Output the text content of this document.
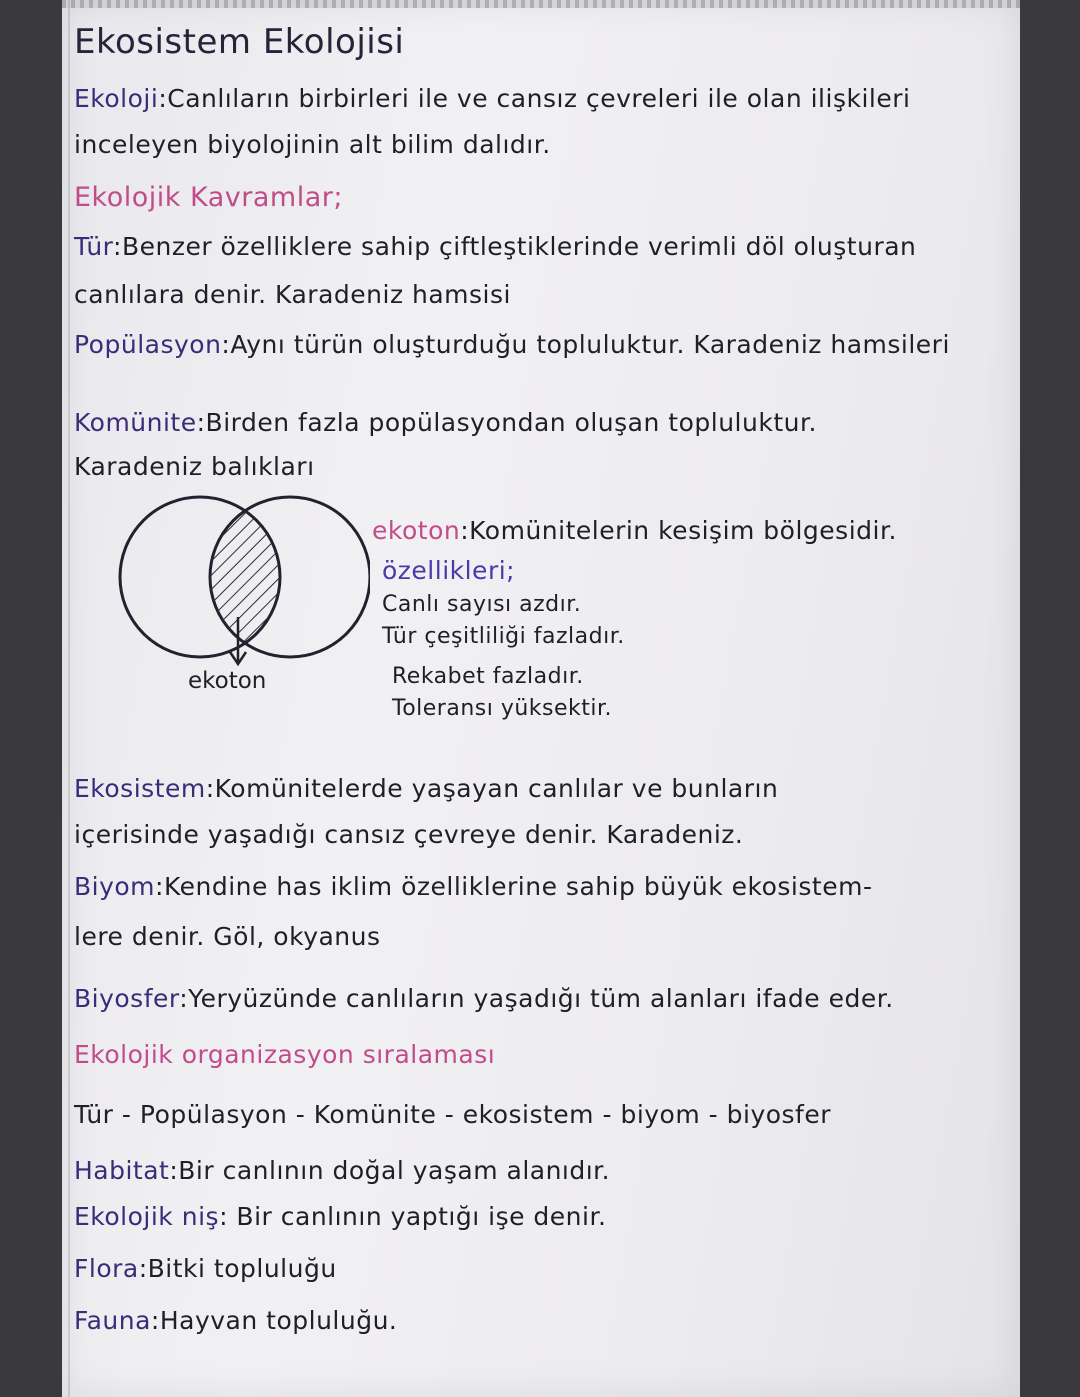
Ekosistem Ekolojisi
Ekoloji:Canlıların birbirleri ile ve cansız çevreleri ile olan ilişkileri
inceleyen biyolojinin alt bilim dalıdır.
Ekolojik Kavramlar;
Tür:Benzer özelliklere sahip çiftleştiklerinde verimli döl oluşturan
canlılara denir. Karadeniz hamsisi
Popülasyon:Aynı türün oluşturduğu topluluktur. Karadeniz hamsileri
Komünite:Birden fazla popülasyondan oluşan topluluktur.
Karadeniz balıkları
ekoton
ekoton:Komünitelerin kesişim bölgesidir.
özellikleri;
Canlı sayısı azdır.
Tür çeşitliliği fazladır.
Rekabet fazladır.
Toleransı yüksektir.
Ekosistem:Komünitelerde yaşayan canlılar ve bunların
içerisinde yaşadığı cansız çevreye denir. Karadeniz.
Biyom:Kendine has iklim özelliklerine sahip büyük ekosistem-
lere denir. Göl, okyanus
Biyosfer:Yeryüzünde canlıların yaşadığı tüm alanları ifade eder.
Ekolojik organizasyon sıralaması
Tür - Popülasyon - Komünite - ekosistem - biyom - biyosfer
Habitat:Bir canlının doğal yaşam alanıdır.
Ekolojik niş: Bir canlının yaptığı işe denir.
Flora:Bitki topluluğu
Fauna:Hayvan topluluğu.
